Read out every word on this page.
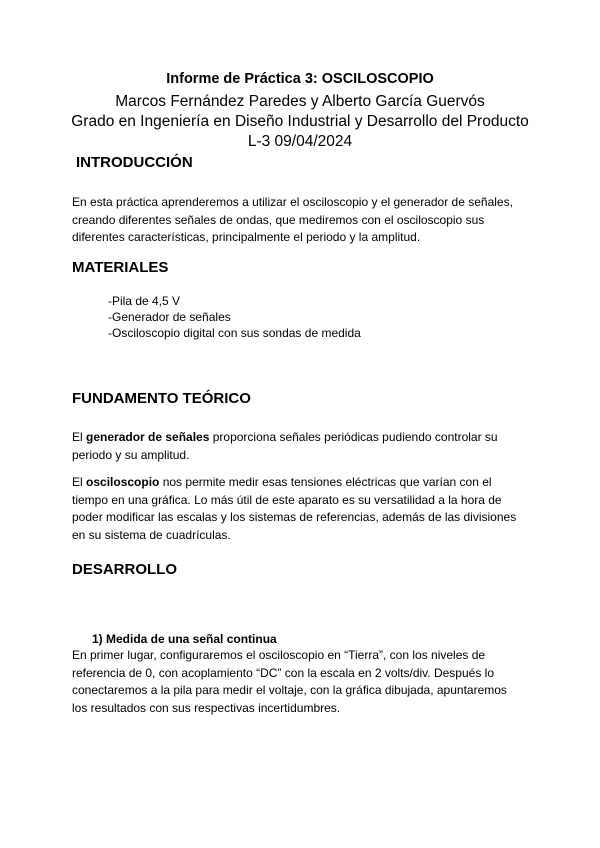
Informe de Práctica 3: OSCILOSCOPIO
Marcos Fernández Paredes y Alberto García Guervós
Grado en Ingeniería en Diseño Industrial y Desarrollo del Producto
L-3 09/04/2024
INTRODUCCIÓN
En esta práctica aprenderemos a utilizar el osciloscopio y el generador de señales,
creando diferentes señales de ondas, que mediremos con el osciloscopio sus
diferentes características, principalmente el periodo y la amplitud.
MATERIALES
-Pila de 4,5 V
-Generador de señales
-Osciloscopio digital con sus sondas de medida
FUNDAMENTO TEÓRICO
El generador de señales proporciona señales periódicas pudiendo controlar su
periodo y su amplitud.
El osciloscopio nos permite medir esas tensiones eléctricas que varían con el
tiempo en una gráfica. Lo más útil de este aparato es su versatilidad a la hora de
poder modificar las escalas y los sistemas de referencias, además de las divisiones
en su sistema de cuadrículas.
DESARROLLO
1) Medida de una señal continua
En primer lugar, configuraremos el osciloscopio en “Tierra”, con los niveles de
referencia de 0, con acoplamiento “DC” con la escala en 2 volts/div. Después lo
conectaremos a la pila para medir el voltaje, con la gráfica dibujada, apuntaremos
los resultados con sus respectivas incertidumbres.
